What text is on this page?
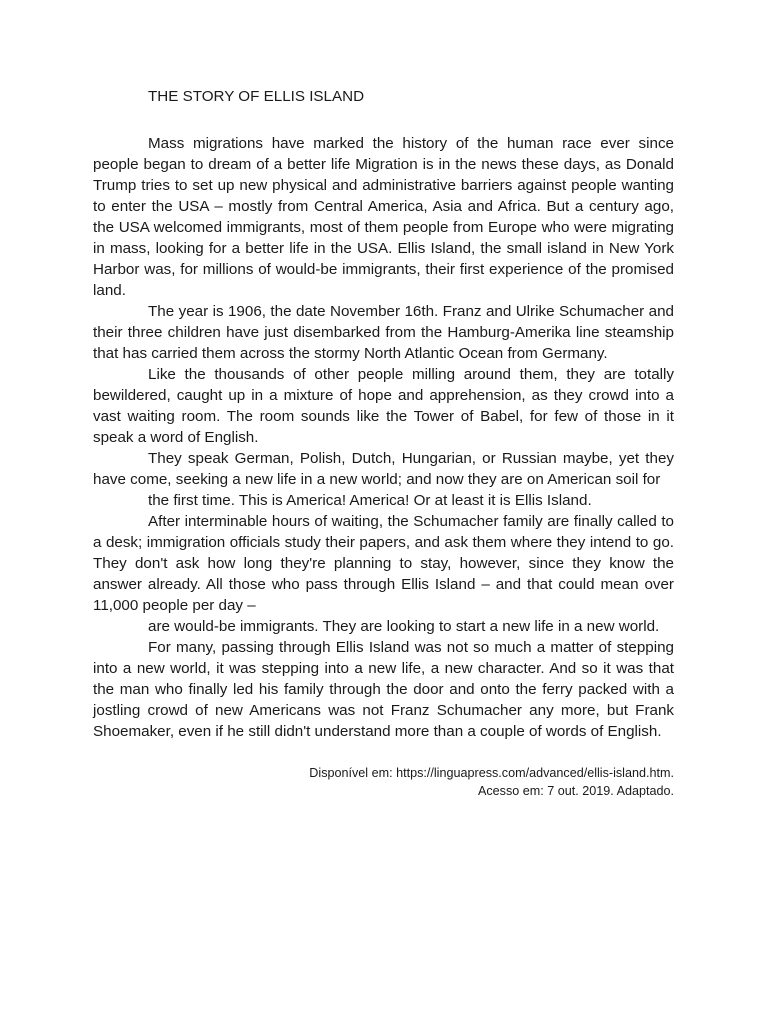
THE STORY OF ELLIS ISLAND

Mass migrations have marked the history of the human race ever since people began to dream of a better life Migration is in the news these days, as Donald Trump tries to set up new physical and administrative barriers against people wanting to enter the USA – mostly from Central America, Asia and Africa. But a century ago, the USA welcomed immigrants, most of them people from Europe who were migrating in mass, looking for a better life in the USA. Ellis Island, the small island in New York Harbor was, for millions of would-be immigrants, their first experience of the promised land.

The year is 1906, the date November 16th. Franz and Ulrike Schumacher and their three children have just disembarked from the Hamburg-Amerika line steamship that has carried them across the stormy North Atlantic Ocean from Germany.

Like the thousands of other people milling around them, they are totally bewildered, caught up in a mixture of hope and apprehension, as they crowd into a vast waiting room. The room sounds like the Tower of Babel, for few of those in it speak a word of English.

They speak German, Polish, Dutch, Hungarian, or Russian maybe, yet they have come, seeking a new life in a new world; and now they are on American soil for

the first time. This is America! America! Or at least it is Ellis Island.

After interminable hours of waiting, the Schumacher family are finally called to a desk; immigration officials study their papers, and ask them where they intend to go. They don't ask how long they're planning to stay, however, since they know the answer already. All those who pass through Ellis Island – and that could mean over 11,000 people per day –

are would-be immigrants. They are looking to start a new life in a new world.

For many, passing through Ellis Island was not so much a matter of stepping into a new world, it was stepping into a new life, a new character. And so it was that the man who finally led his family through the door and onto the ferry packed with a jostling crowd of new Americans was not Franz Schumacher any more, but Frank Shoemaker, even if he still didn't understand more than a couple of words of English.

Disponível em: https://linguapress.com/advanced/ellis-island.htm.
Acesso em: 7 out. 2019. Adaptado.
